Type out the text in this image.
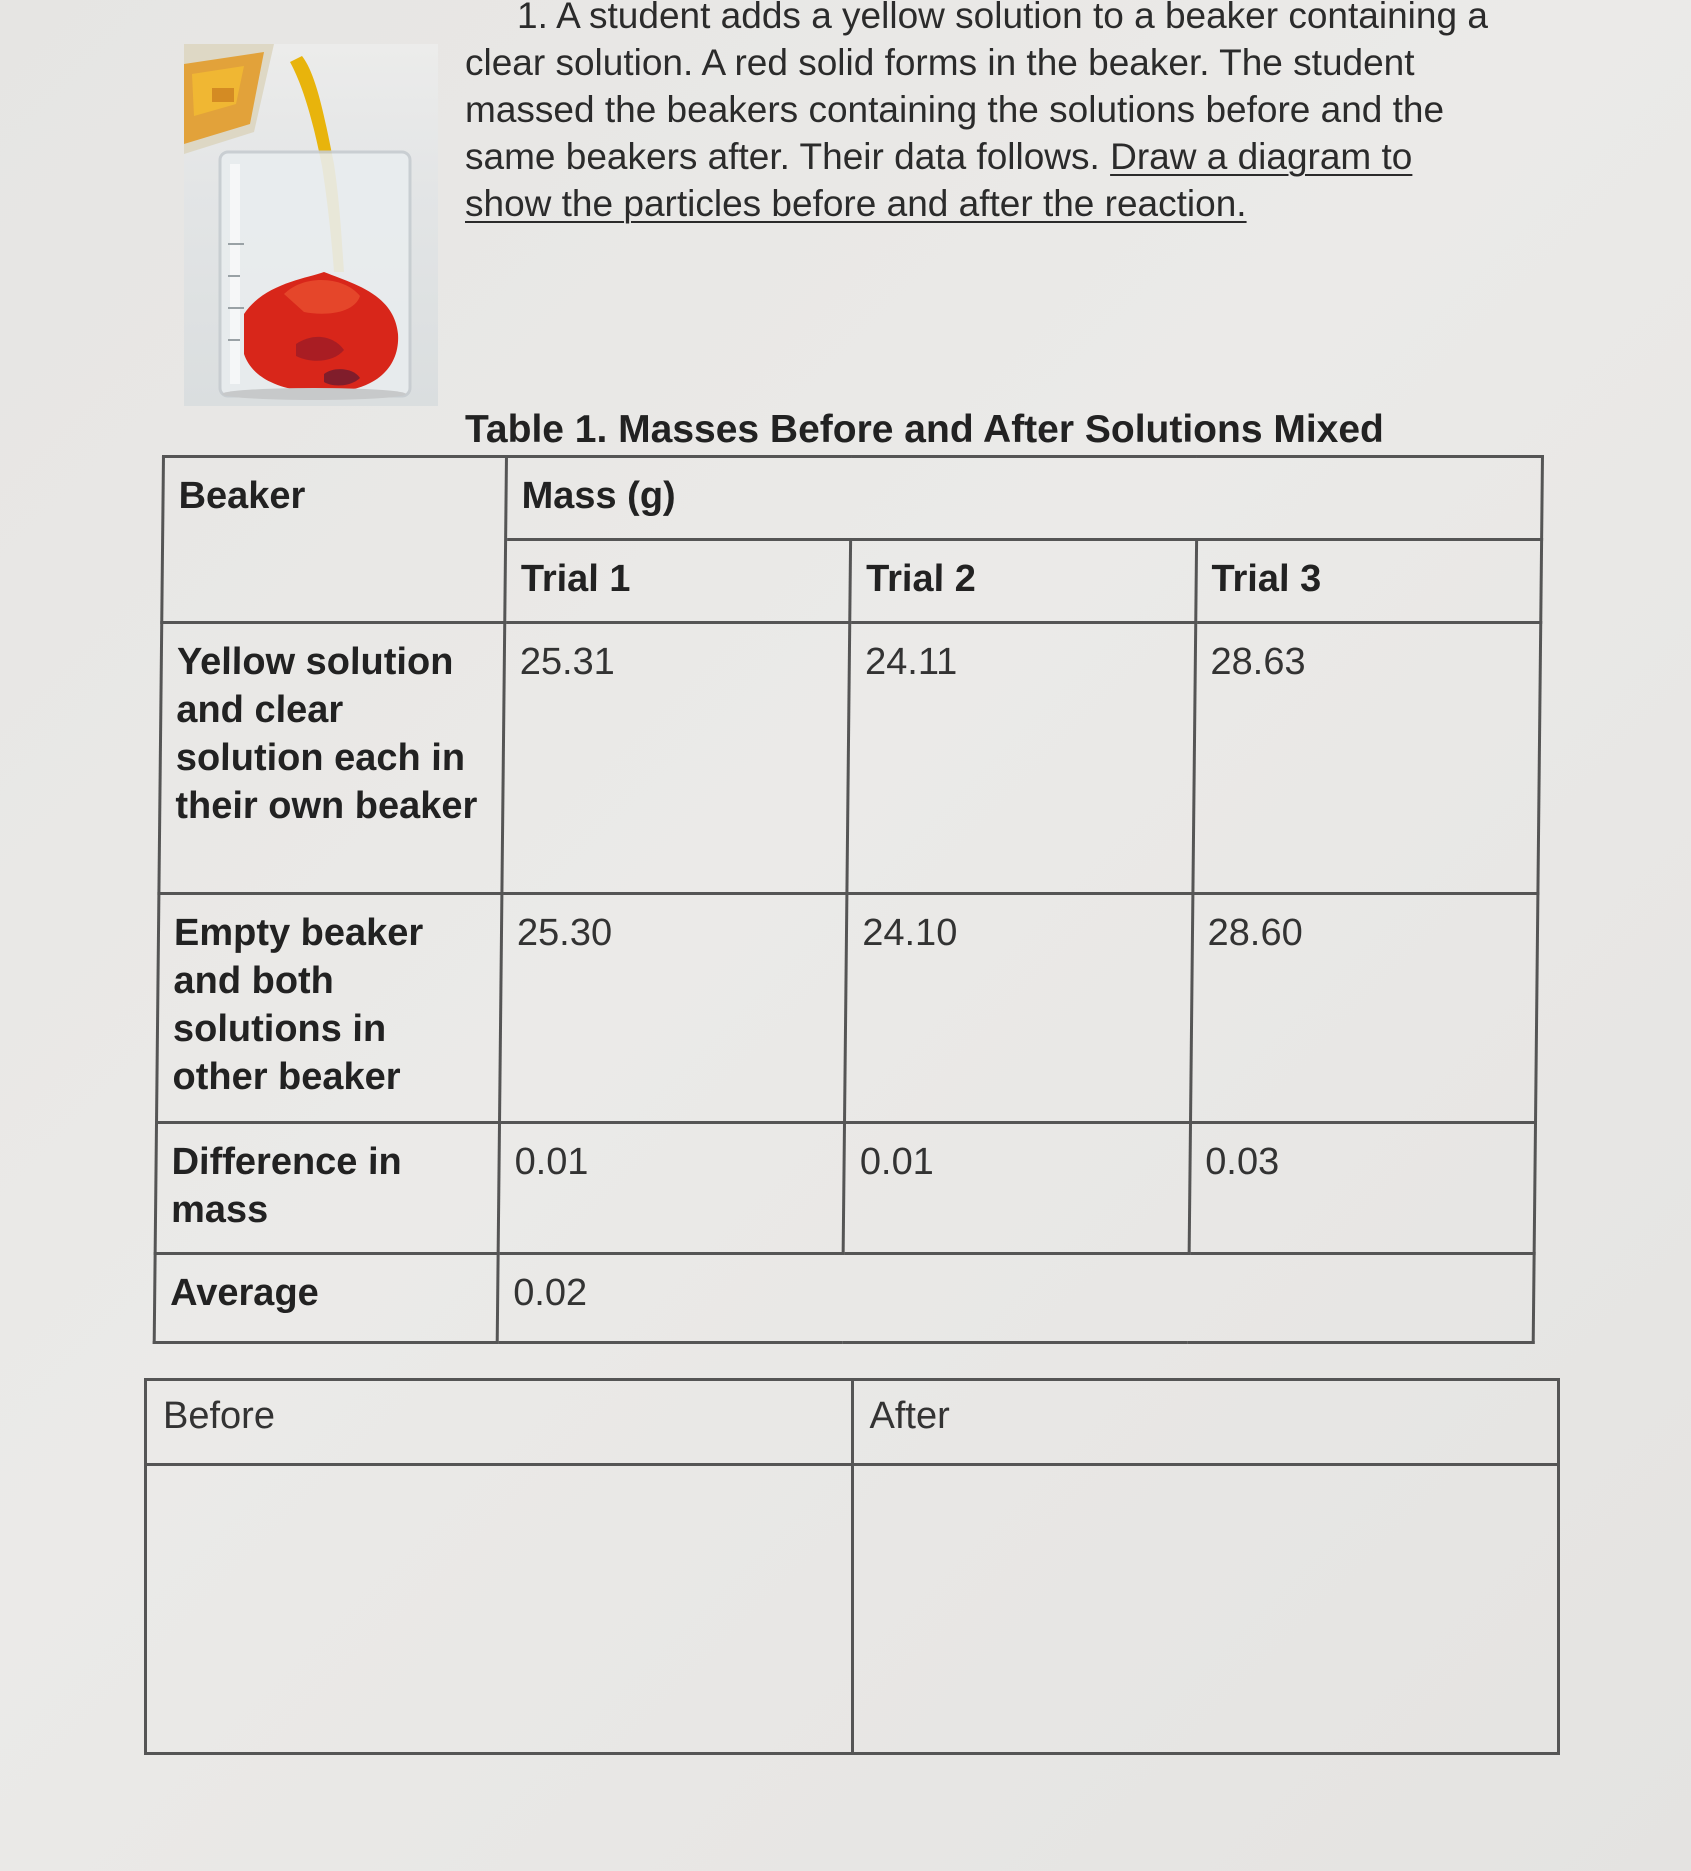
1. A student adds a yellow solution to a beaker containing a clear solution. A red solid forms in the beaker. The student massed the beakers containing the solutions before and the same beakers after. Their data follows. Draw a diagram to show the particles before and after the reaction.

Table 1. Masses Before and After Solutions Mixed
Beaker	Mass (g)		
	Trial 1	Trial 2	Trial 3
Yellow solution and clear solution each in their own beaker	25.31	24.11	28.63
Empty beaker and both solutions in other beaker	25.30	24.10	28.60
Difference in mass	0.01	0.01	0.03
Average	0.02		
Before	After
